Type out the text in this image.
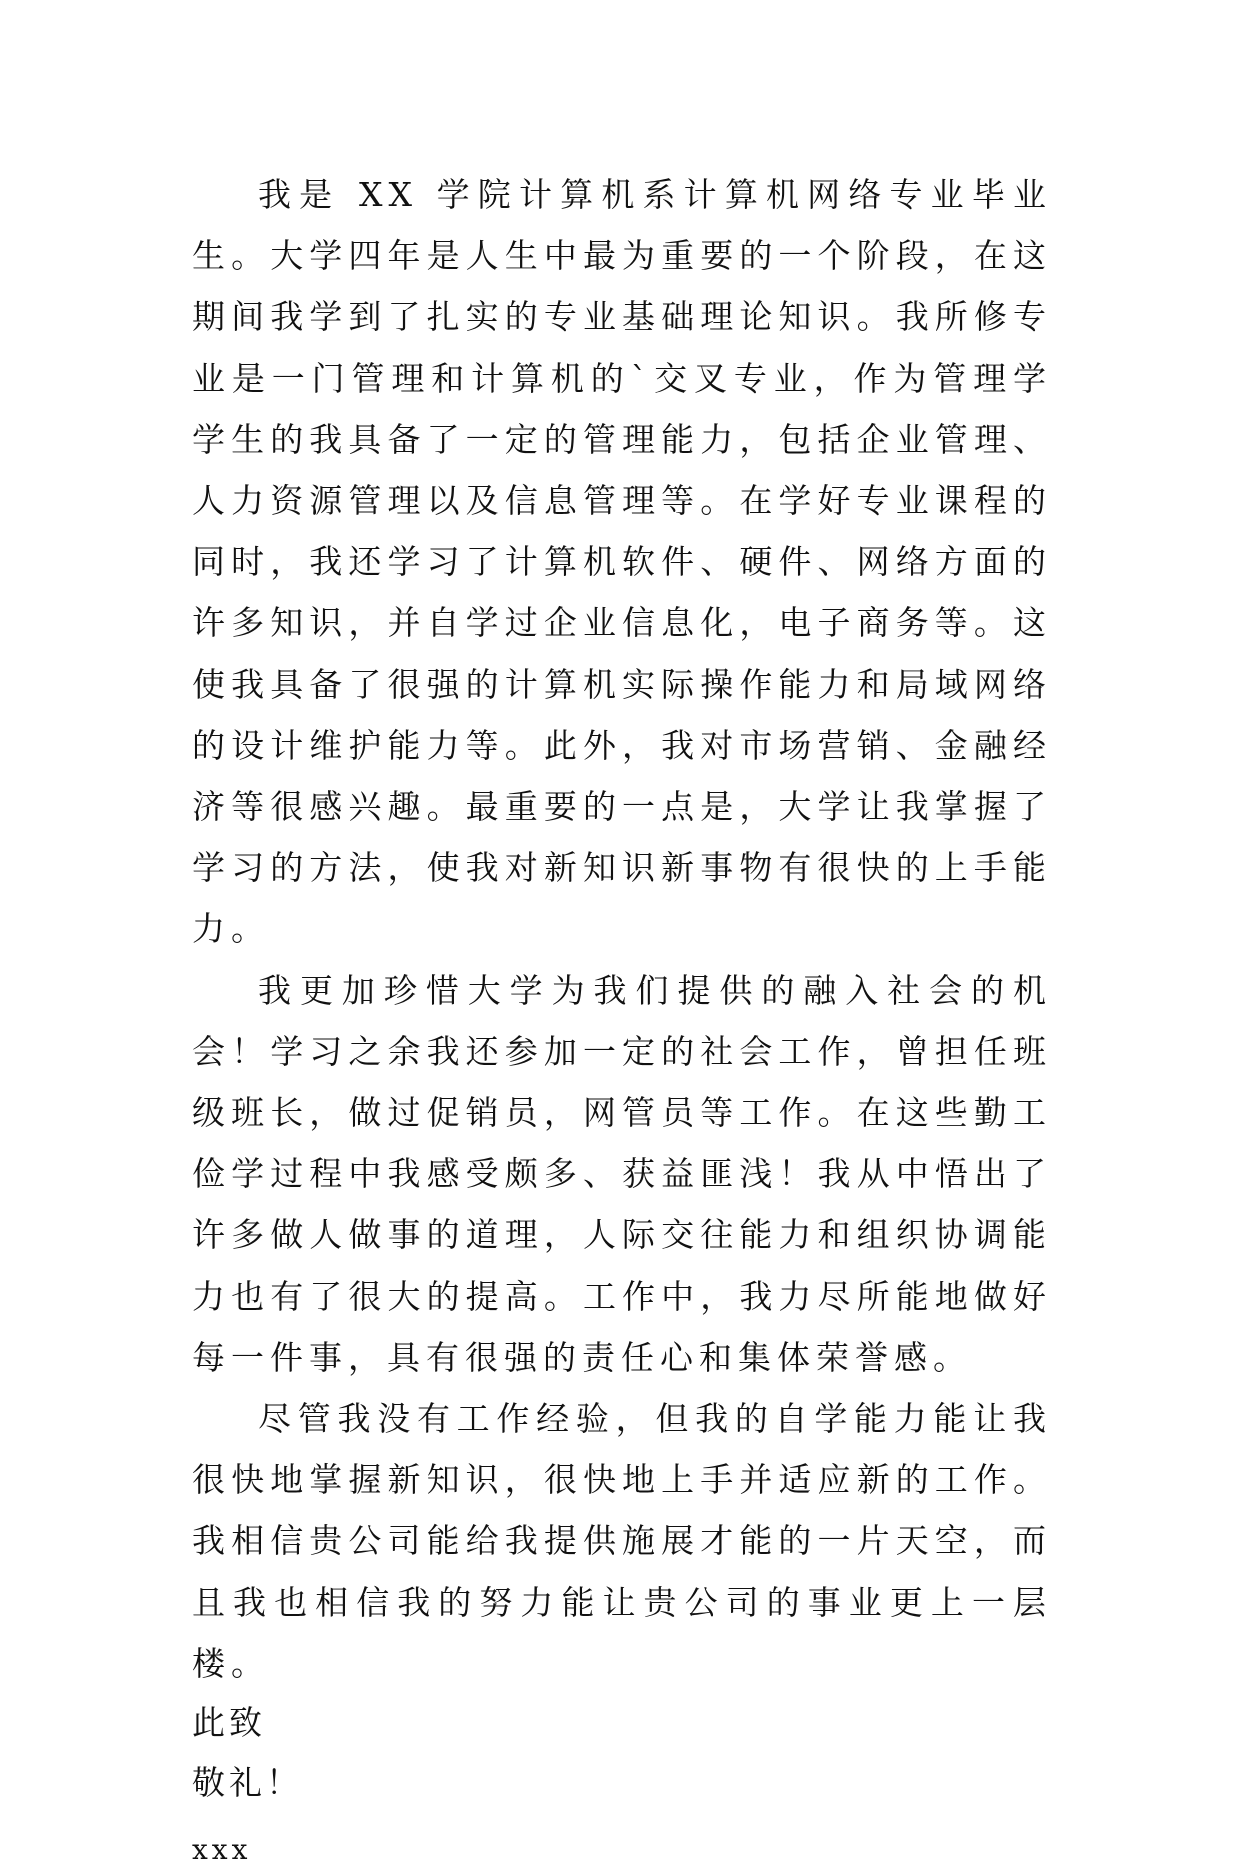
我是 XX 学院计算机系计算机网络专业毕业生。大学四年是人生中最为重要的一个阶段，在这期间我学到了扎实的专业基础理论知识。我所修专业是一门管理和计算机的`交叉专业，作为管理学学生的我具备了一定的管理能力，包括企业管理、人力资源管理以及信息管理等。在学好专业课程的同时，我还学习了计算机软件、硬件、网络方面的许多知识，并自学过企业信息化，电子商务等。这使我具备了很强的计算机实际操作能力和局域网络的设计维护能力等。此外，我对市场营销、金融经济等很感兴趣。最重要的一点是，大学让我掌握了学习的方法，使我对新知识新事物有很快的上手能力。

我更加珍惜大学为我们提供的融入社会的机会！学习之余我还参加一定的社会工作，曾担任班级班长，做过促销员，网管员等工作。在这些勤工俭学过程中我感受颇多、获益匪浅！我从中悟出了许多做人做事的道理，人际交往能力和组织协调能力也有了很大的提高。工作中，我力尽所能地做好每一件事，具有很强的责任心和集体荣誉感。

尽管我没有工作经验，但我的自学能力能让我很快地掌握新知识，很快地上手并适应新的工作。我相信贵公司能给我提供施展才能的一片天空，而且我也相信我的努力能让贵公司的事业更上一层楼。

此致

敬礼！

xxx
